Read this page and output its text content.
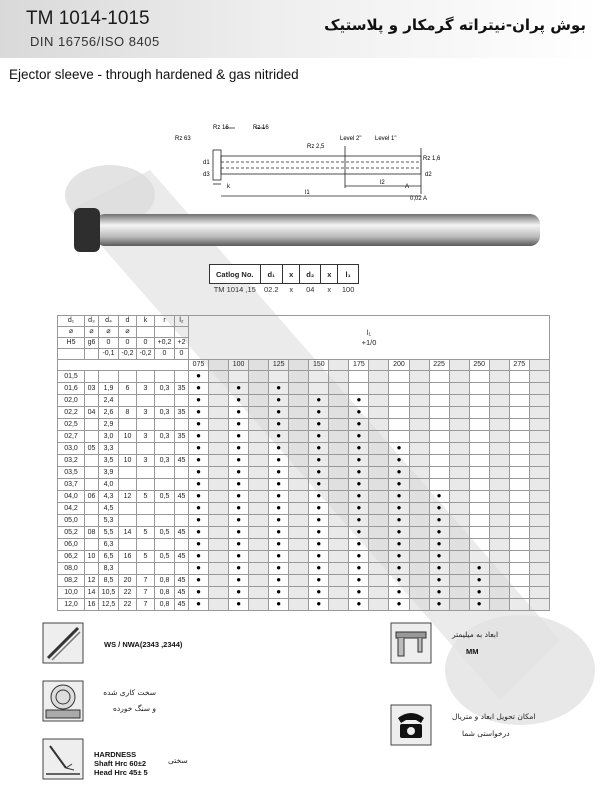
TM 1014-1015
DIN 16756/ISO 8405
بوش پران-نیتراته گرمکار و پلاستیک
Ejector sleeve - through hardened & gas nitrided
Rz 16	Rz 16
Rz 63
Rz 2,5
Level 2" Level 1"
Rz 1,6
d1
d3	d2
k
l1
l2
A
0,02 A
Catlog No.	d₁	x	d₂	x	l₁
TM 1014 ,15	02.2	x	04	x	100
d₁	d₃	d₄	d	k	r	l₂	l₁
+1/0																	

⌀	⌀	⌀	⌀																					
H5	g6	0	0	0	+0,2	+2																		
		-0,1	-0,2	-0,2	0	0																		
							075		100		125		150		175		200		225		250		275	
01,5							●																	
01,6	03	1,9	6	3	0,3	35	●		●		●													
02,0		2,4					●		●		●		●		●									
02,2	04	2,6	8	3	0,3	35	●		●		●		●		●									
02,5		2,9					●		●		●		●		●									
02,7		3,0	10	3	0,3	35	●		●		●		●		●									
03,0	05	3,3					●		●		●		●		●		●							
03,2		3,5	10	3	0,3	45	●		●		●		●		●		●							
03,5		3,9					●		●		●		●		●		●							
03,7		4,0					●		●		●		●		●		●							
04,0	06	4,3	12	5	0,5	45	●		●		●		●		●		●		●					
04,2		4,5					●		●		●		●		●		●		●					
05,0		5,3					●		●		●		●		●		●		●					
05,2	08	5,5	14	5	0,5	45	●		●		●		●		●		●		●					
06,0		6,3					●		●		●		●		●		●		●					
06,2	10	6,5	16	5	0,5	45	●		●		●		●		●		●		●					
08,0		8,3					●		●		●		●		●		●		●		●			
08,2	12	8,5	20	7	0,8	45	●		●		●		●		●		●		●		●			
10,0	14	10,5	22	7	0,8	45	●		●		●		●		●		●		●		●			
12,0	16	12,5	22	7	0,8	45	●		●		●		●		●		●		●		●			
WS / NWA(2343 ,2344)
سخت کاری شده
و سنگ خورده
HARDNESS
Shaft Hrc 60±2
Head Hrc 45± 5
سختی
ابعاد به میلیمتر
MM
امکان تحویل ابعاد و متریال
درخواستی شما
